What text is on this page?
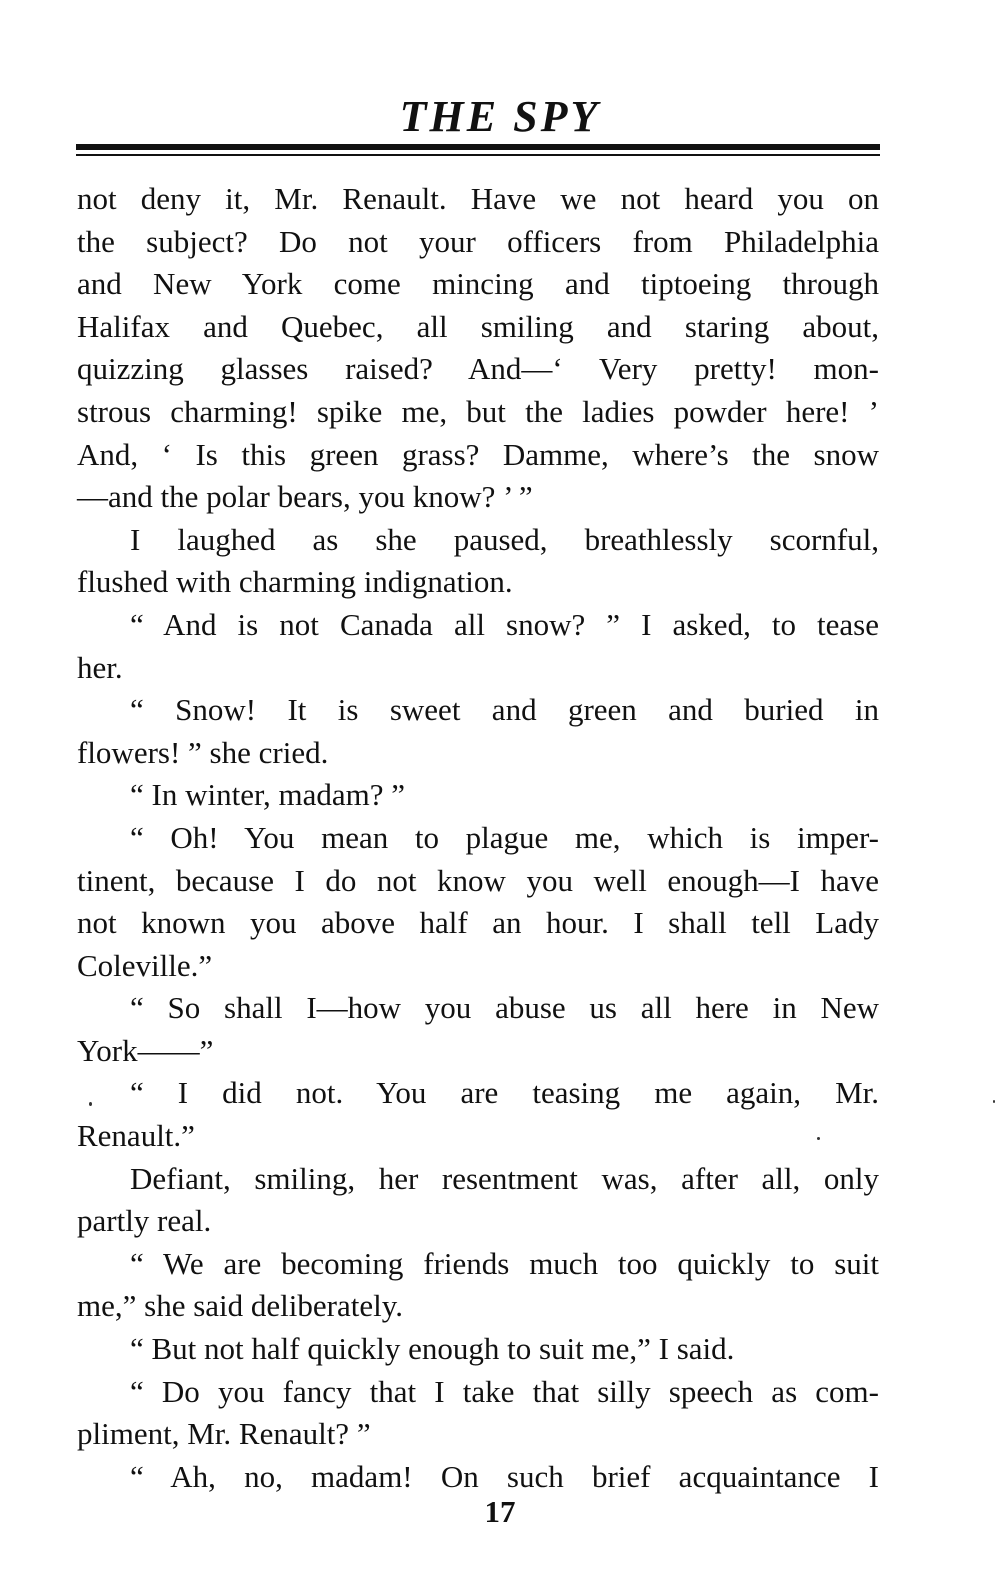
THE SPY
not deny it, Mr. Renault. Have we not heard you on
the subject? Do not your officers from Philadelphia
and New York come mincing and tiptoeing through
Halifax and Quebec, all smiling and staring about,
quizzing glasses raised? And—‘ Very pretty! mon-
strous charming! spike me, but the ladies powder here! ’
And, ‘ Is this green grass? Damme, where’s the snow
—and the polar bears, you know? ’ ”
I laughed as she paused, breathlessly scornful,
flushed with charming indignation.
“ And is not Canada all snow? ” I asked, to tease
her.
“ Snow! It is sweet and green and buried in
flowers! ” she cried.
“ In winter, madam? ”
“ Oh! You mean to plague me, which is imper-
tinent, because I do not know you well enough—I have
not known you above half an hour. I shall tell Lady
Coleville.”
“ So shall I—how you abuse us all here in New
York——”
“ I did not. You are teasing me again, Mr.
Renault.”
Defiant, smiling, her resentment was, after all, only
partly real.
“ We are becoming friends much too quickly to suit
me,” she said deliberately.
“ But not half quickly enough to suit me,” I said.
“ Do you fancy that I take that silly speech as com-
pliment, Mr. Renault? ”
“ Ah, no, madam! On such brief acquaintance I
17
